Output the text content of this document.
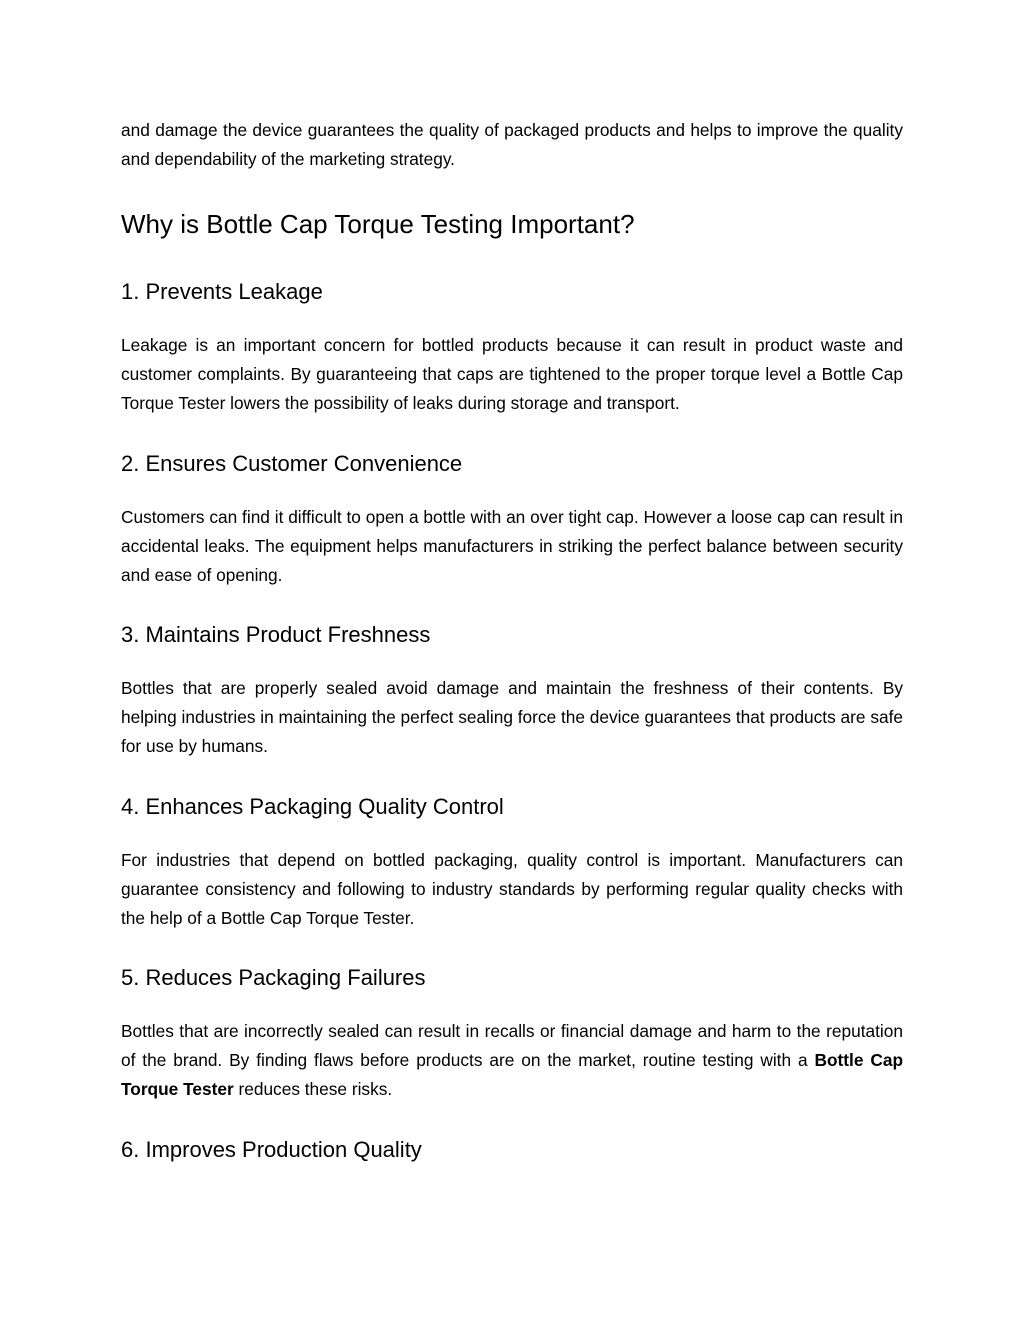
and damage the device guarantees the quality of packaged products and helps to improve the quality and dependability of the marketing strategy.

Why is Bottle Cap Torque Testing Important?
1. Prevents Leakage

Leakage is an important concern for bottled products because it can result in product waste and customer complaints. By guaranteeing that caps are tightened to the proper torque level a Bottle Cap Torque Tester lowers the possibility of leaks during storage and transport.

2. Ensures Customer Convenience

Customers can find it difficult to open a bottle with an over tight cap. However a loose cap can result in accidental leaks. The equipment helps manufacturers in striking the perfect balance between security and ease of opening.

3. Maintains Product Freshness

Bottles that are properly sealed avoid damage and maintain the freshness of their contents. By helping industries in maintaining the perfect sealing force the device guarantees that products are safe for use by humans.

4. Enhances Packaging Quality Control

For industries that depend on bottled packaging, quality control is important. Manufacturers can guarantee consistency and following to industry standards by performing regular quality checks with the help of a Bottle Cap Torque Tester.

5. Reduces Packaging Failures

Bottles that are incorrectly sealed can result in recalls or financial damage and harm to the reputation of the brand. By finding flaws before products are on the market, routine testing with a Bottle Cap Torque Tester reduces these risks.

6. Improves Production Quality
